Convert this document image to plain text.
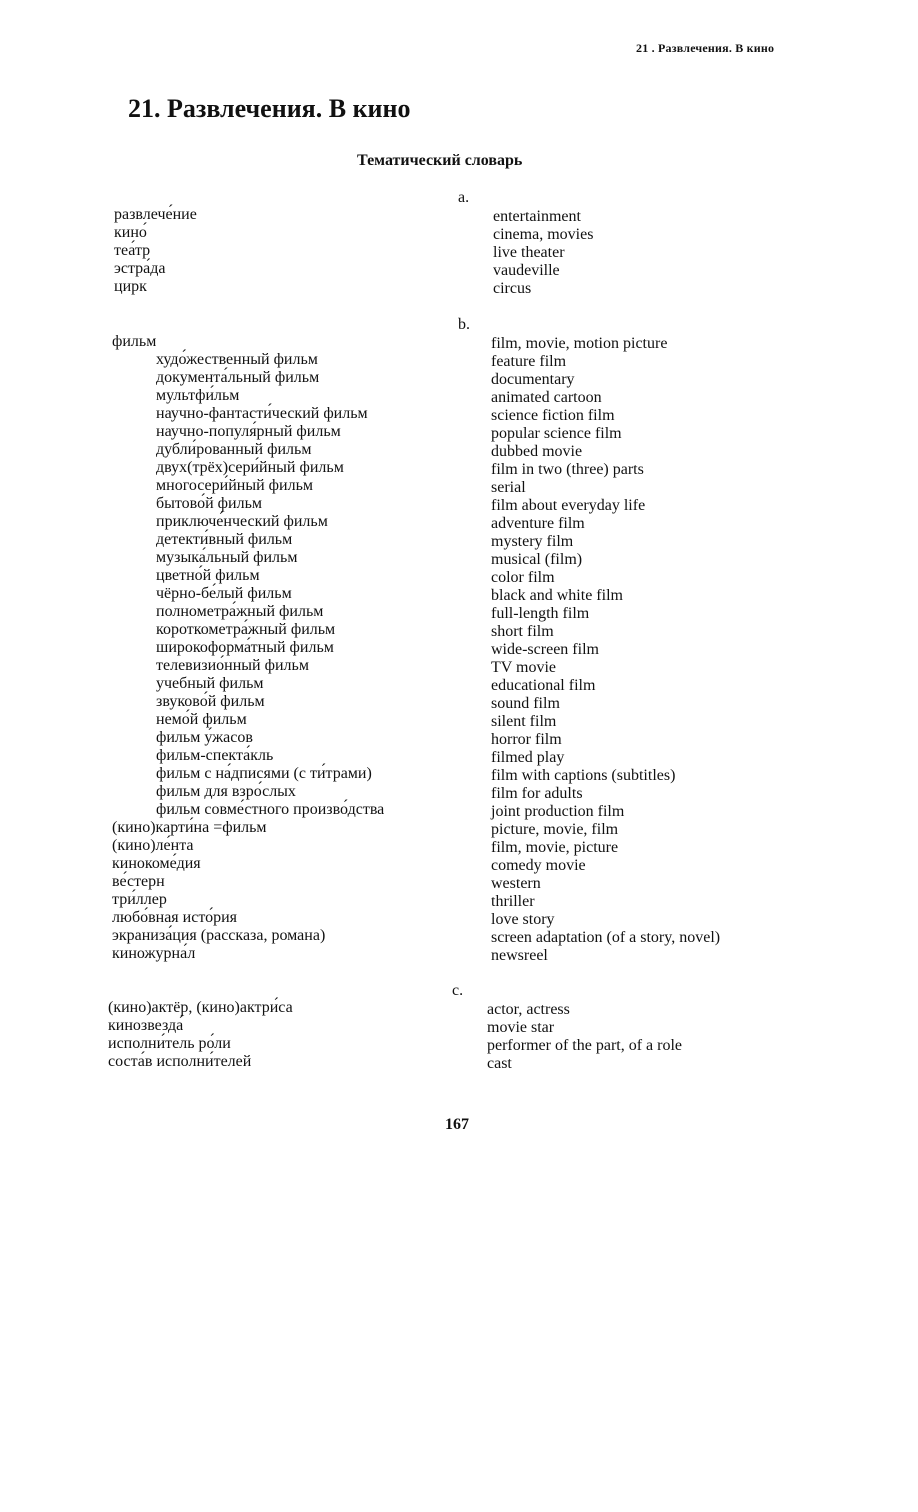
21 . Развлечения. В кино
21. Развлечения. В кино
Тематический словарь
a.
развлече́ние
кино́
теа́тр
эстра́да
цирк
entertainment
cinema, movies
live theater
vaudeville
circus
b.
фильм
худо́жественный фильм
документа́льный фильм
мультфи́льм
научно-фантасти́ческий фильм
научно-популя́рный фильм
дубли́рованный фильм
двух(трёх)сери́йный фильм
многосери́йный фильм
бытово́й фильм
приключе́нческий фильм
детекти́вный фильм
музыка́льный фильм
цветно́й фильм
чёрно-бе́лый фильм
полнометра́жный фильм
короткометра́жный фильм
широкоформа́тный фильм
телевизио́нный фильм
учебный фильм
звуково́й фильм
немо́й фильм
фильм у́жасов
фильм-спекта́кль
фильм с на́дписями (с ти́трами)
фильм для взро́слых
фильм совме́стного произво́дства
(кино)карти́на =фильм
(кино)ле́нта
кинокоме́дия
ве́стерн
три́ллер
любо́вная исто́рия
экраниза́ция (рассказа, романа)
киножурна́л
film, movie, motion picture
feature film
documentary
animated cartoon
science fiction film
popular science film
dubbed movie
film in two (three) parts
serial
film about everyday life
adventure film
mystery film
musical (film)
color film
black and white film
full-length film
short film
wide-screen film
TV movie
educational film
sound film
silent film
horror film
filmed play
film with captions (subtitles)
film for adults
joint production film
picture, movie, film
film, movie, picture
comedy movie
western
thriller
love story
screen adaptation (of a story, novel)
newsreel
c.
(кино)актёр, (кино)актри́са
кинозвезда́
исполни́тель ро́ли
соста́в исполни́телей
actor, actress
movie star
performer of the part, of a role
cast
167
